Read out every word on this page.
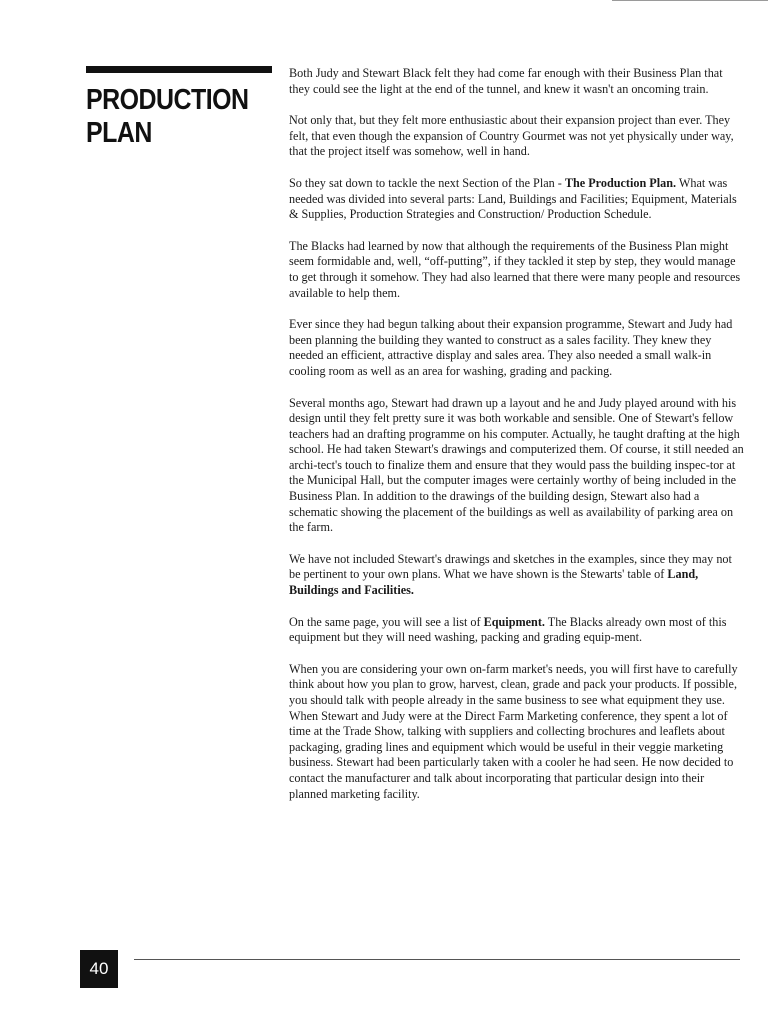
PRODUCTION
PLAN

Both Judy and Stewart Black felt they had come far enough with their Business Plan that they could see the light at the end of the tunnel, and knew it wasn't an oncoming train.

Not only that, but they felt more enthusiastic about their expansion project than ever. They felt, that even though the expansion of Country Gourmet was not yet physically under way, that the project itself was somehow, well in hand.

So they sat down to tackle the next Section of the Plan - The Production Plan. What was needed was divided into several parts: Land, Buildings and Facilities; Equipment, Materials & Supplies, Production Strategies and Construction/ Production Schedule.

The Blacks had learned by now that although the requirements of the Business Plan might seem formidable and, well, “off-putting”, if they tackled it step by step, they would manage to get through it somehow. They had also learned that there were many people and resources available to help them.

Ever since they had begun talking about their expansion programme, Stewart and Judy had been planning the building they wanted to construct as a sales facility. They knew they needed an efficient, attractive display and sales area. They also needed a small walk-in cooling room as well as an area for washing, grading and packing.

Several months ago, Stewart had drawn up a layout and he and Judy played around with his design until they felt pretty sure it was both workable and sensible. One of Stewart's fellow teachers had an drafting programme on his computer. Actually, he taught drafting at the high school. He had taken Stewart's drawings and computerized them. Of course, it still needed an archi-tect's touch to finalize them and ensure that they would pass the building inspec-tor at the Municipal Hall, but the computer images were certainly worthy of being included in the Business Plan. In addition to the drawings of the building design, Stewart also had a schematic showing the placement of the buildings as well as availability of parking area on the farm.

We have not included Stewart's drawings and sketches in the examples, since they may not be pertinent to your own plans. What we have shown is the Stewarts' table of Land, Buildings and Facilities.

On the same page, you will see a list of Equipment. The Blacks already own most of this equipment but they will need washing, packing and grading equip-ment.

When you are considering your own on-farm market's needs, you will first have to carefully think about how you plan to grow, harvest, clean, grade and pack your products. If possible, you should talk with people already in the same business to see what equipment they use. When Stewart and Judy were at the Direct Farm Marketing conference, they spent a lot of time at the Trade Show, talking with suppliers and collecting brochures and leaflets about packaging, grading lines and equipment which would be useful in their veggie marketing business. Stewart had been particularly taken with a cooler he had seen. He now decided to contact the manufacturer and talk about incorporating that particular design into their planned marketing facility.

40
